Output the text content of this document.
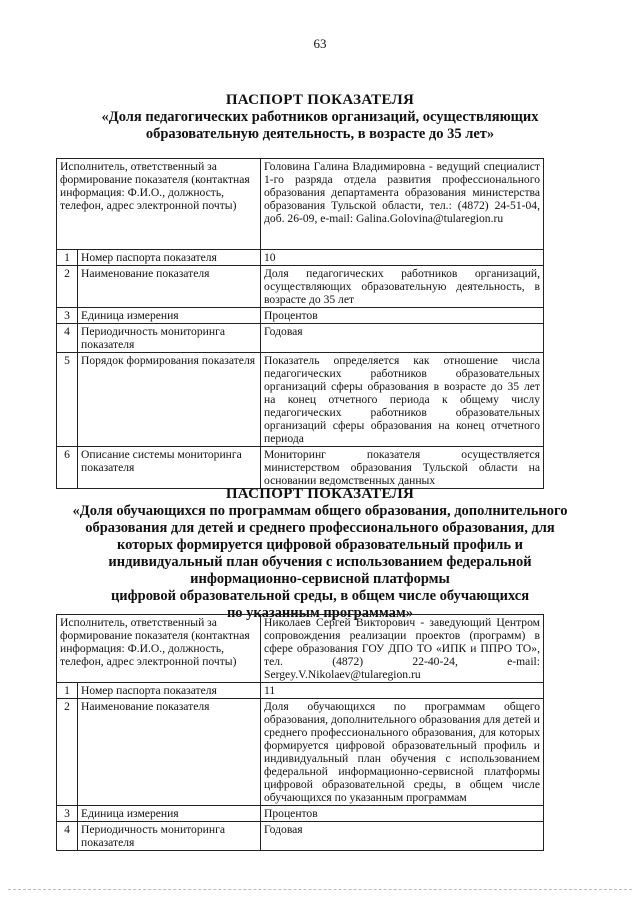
63
ПАСПОРТ ПОКАЗАТЕЛЯ
«Доля педагогических работников организаций, осуществляющих
образовательную деятельность, в возрасте до 35 лет»
Исполнитель, ответственный за формирование показателя (контактная информация: Ф.И.О., должность, телефон, адрес электронной почты)		Головина Галина Владимировна - ведущий специалист 1-го разряда отдела развития профессионального образования департамента образования министерства образования Тульской области, тел.: (4872) 24-51-04, доб. 26-09, e-mail: Galina.Golovina@tularegion.ru
1	Номер паспорта показателя	10
2	Наименование показателя	Доля педагогических работников организаций, осуществляющих образовательную деятельность, в возрасте до 35 лет
3	Единица измерения	Процентов
4	Периодичность мониторинга показателя	Годовая
5	Порядок формирования показателя	Показатель определяется как отношение числа педагогических работников образовательных организаций сферы образования в возрасте до 35 лет на конец отчетного периода к общему числу педагогических работников образовательных организаций сферы образования на конец отчетного периода
6	Описание системы мониторинга показателя	Мониторинг показателя осуществляется министерством образования Тульской области на основании ведомственных данных
ПАСПОРТ ПОКАЗАТЕЛЯ
«Доля обучающихся по программам общего образования, дополнительного
образования для детей и среднего профессионального образования, для
которых формируется цифровой образовательный профиль и
индивидуальный план обучения с использованием федеральной
информационно-сервисной платформы
цифровой образовательной среды, в общем числе обучающихся
по указанным программам»
Исполнитель, ответственный за формирование показателя (контактная информация: Ф.И.О., должность, телефон, адрес электронной почты)		Николаев Сергей Викторович - заведующий Центром сопровождения реализации проектов (программ) в сфере образования ГОУ ДПО ТО «ИПК и ППРО ТО», тел. (4872) 22-40-24, e-mail: Sergey.V.Nikolaev@tularegion.ru
1	Номер паспорта показателя	11
2	Наименование показателя	Доля обучающихся по программам общего образования, дополнительного образования для детей и среднего профессионального образования, для которых формируется цифровой образовательный профиль и индивидуальный план обучения с использованием федеральной информационно-сервисной платформы цифровой образовательной среды, в общем числе обучающихся по указанным программам
3	Единица измерения	Процентов
4	Периодичность мониторинга показателя	Годовая
